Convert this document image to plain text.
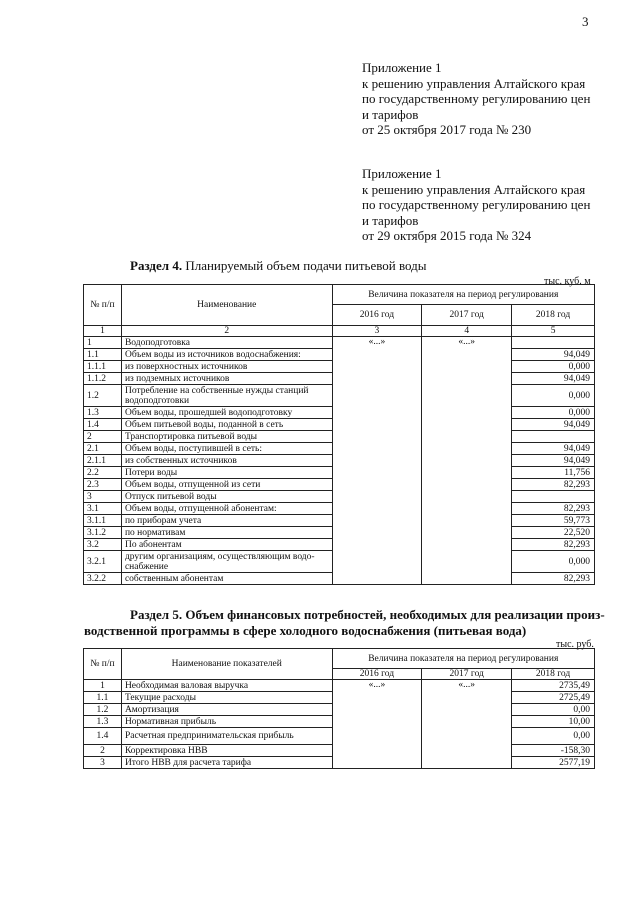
3
Приложение 1
к решению управления Алтайского края
по государственному регулированию цен
и тарифов
от 25 октября 2017 года № 230
Приложение 1
к решению управления Алтайского края
по государственному регулированию цен
и тарифов
от 29 октября 2015 года № 324
Раздел 4. Планируемый объем подачи питьевой воды
тыс. куб. м
№ п/п	Наименование	Величина показателя на период регулирования		
		2016 год	2017 год	2018 год
1	2	3	4	5
1	Водоподготовка	«...»	«...»	
1.1	Объем воды из источников водоснабжения:			94,049
1.1.1	из поверхностных источников			0,000
1.1.2	из подземных источников			94,049
1.2	Потребление на собственные нужды станций водоподготовки			0,000
1.3	Объем воды, прошедшей водоподготовку			0,000
1.4	Объем питьевой воды, поданной в сеть			94,049
2	Транспортировка питьевой воды			
2.1	Объем воды, поступившей в сеть:			94,049
2.1.1	из собственных источников			94,049
2.2	Потери воды			11,756
2.3	Объем воды, отпущенной из сети			82,293
3	Отпуск питьевой воды			
3.1	Объем воды, отпущенной абонентам:			82,293
3.1.1	по приборам учета			59,773
3.1.2	по нормативам			22,520
3.2	По абонентам			82,293
3.2.1	другим организациям, осуществляющим водо-снабжение			0,000
3.2.2	собственным абонентам			82,293
Раздел 5. Объем финансовых потребностей, необходимых для реализации произ-
водственной программы в сфере холодного водоснабжения (питьевая вода)
тыс. руб.
№ п/п	Наименование показателей	Величина показателя на период регулирования		
		2016 год	2017 год	2018 год
1	Необходимая валовая выручка	«...»	«...»	2735,49
1.1	Текущие расходы			2725,49
1.2	Амортизация			0,00
1.3	Нормативная прибыль			10,00
1.4	Расчетная предпринимательская прибыль			0,00
2	Корректировка НВВ			-158,30
3	Итого НВВ для расчета тарифа			2577,19
